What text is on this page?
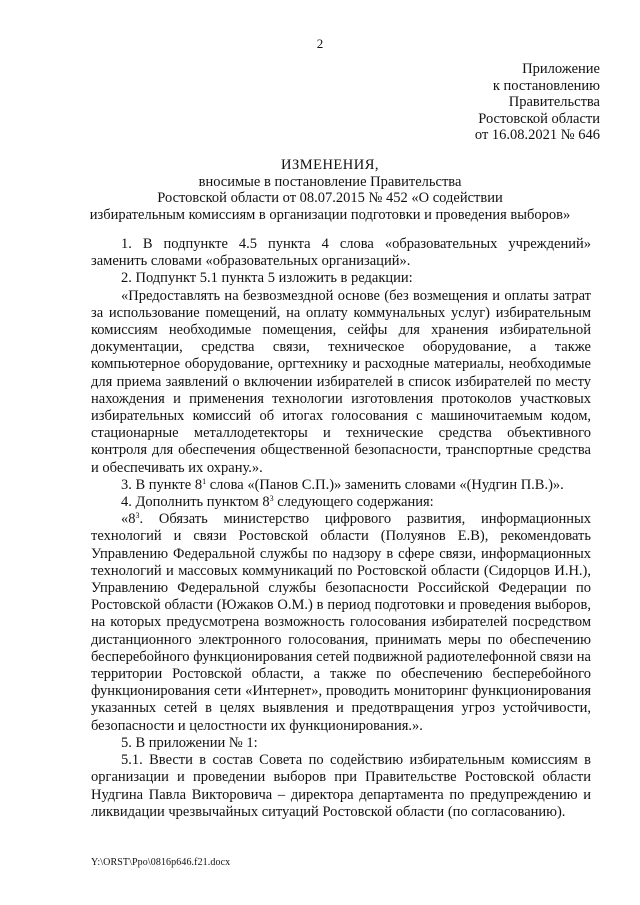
2
Приложение
к постановлению
Правительства
Ростовской области
от 16.08.2021 № 646
ИЗМЕНЕНИЯ,
вносимые в постановление Правительства
Ростовской области от 08.07.2015 № 452 «О содействии
избирательным комиссиям в организации подготовки и проведения выборов»

1. В подпункте 4.5 пункта 4 слова «образовательных учреждений» заменить словами «образовательных организаций».

2. Подпункт 5.1 пункта 5 изложить в редакции:

«Предоставлять на безвозмездной основе (без возмещения и оплаты затрат за использование помещений, на оплату коммунальных услуг) избирательным комиссиям необходимые помещения, сейфы для хранения избирательной документации, средства связи, техническое оборудование, а также компьютерное оборудование, оргтехнику и расходные материалы, необходимые для приема заявлений о включении избирателей в список избирателей по месту нахождения и применения технологии изготовления протоколов участковых избирательных комиссий об итогах голосования с машиночитаемым кодом, стационарные металлодетекторы и технические средства объективного контроля для обеспечения общественной безопасности, транспортные средства и обеспечивать их охрану.».

3. В пункте $8^1$ слова «(Панов С.П.)» заменить словами «(Нудгин П.В.)».

4. Дополнить пунктом $8^3$ следующего содержания:

«$8^3$. Обязать министерство цифрового развития, информационных технологий и связи Ростовской области (Полуянов Е.В), рекомендовать Управлению Федеральной службы по надзору в сфере связи, информационных технологий и массовых коммуникаций по Ростовской области (Сидорцов И.Н.), Управлению Федеральной службы безопасности Российской Федерации по Ростовской области (Южаков О.М.) в период подготовки и проведения выборов, на которых предусмотрена возможность голосования избирателей посредством дистанционного электронного голосования, принимать меры по обеспечению бесперебойного функционирования сетей подвижной радиотелефонной связи на территории Ростовской области, а также по обеспечению бесперебойного функционирования сети «Интернет», проводить мониторинг функционирования указанных сетей в целях выявления и предотвращения угроз устойчивости, безопасности и целостности их функционирования.».

5. В приложении № 1:

5.1. Ввести в состав Совета по содействию избирательным комиссиям в организации и проведении выборов при Правительстве Ростовской области Нудгина Павла Викторовича – директора департамента по предупреждению и ликвидации чрезвычайных ситуаций Ростовской области (по согласованию).

Y:\ORST\Ppo\0816p646.f21.docx
